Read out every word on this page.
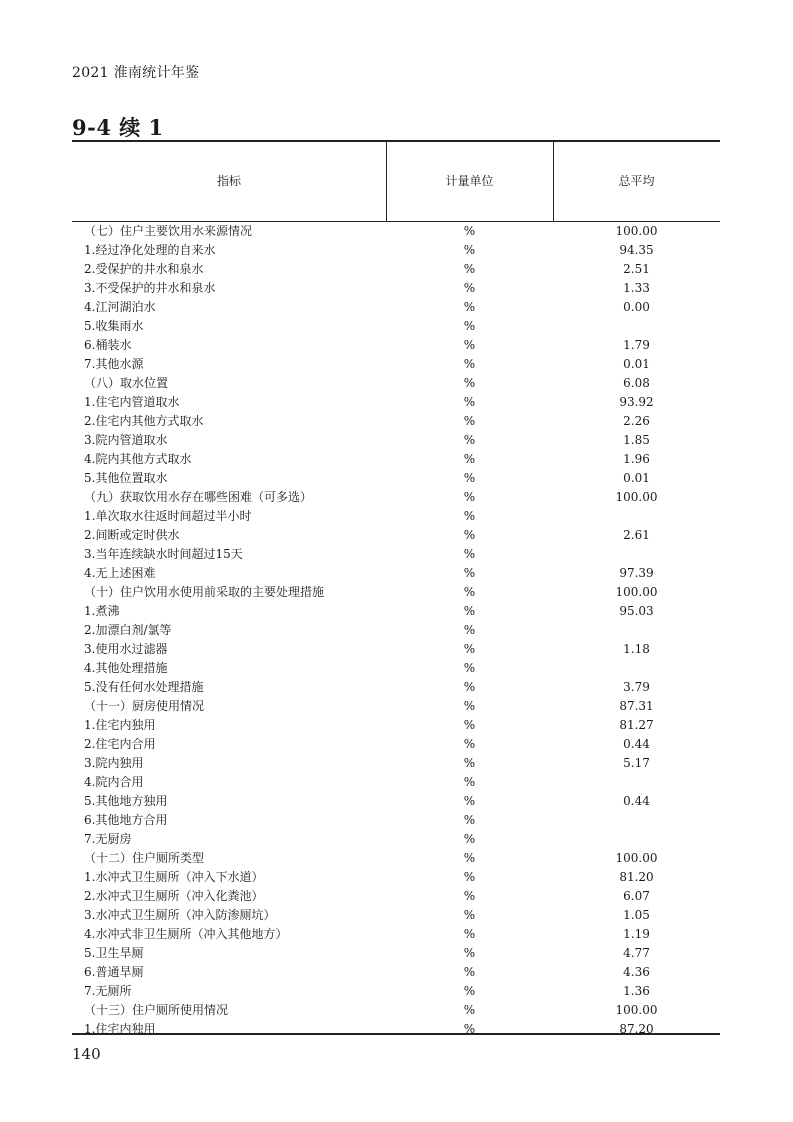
2021 淮南统计年鉴
9-4 续 1
指标	计量单位	总平均
（七）住户主要饮用水来源情况	%	100.00
1.经过净化处理的自来水	%	94.35
2.受保护的井水和泉水	%	2.51
3.不受保护的井水和泉水	%	1.33
4.江河湖泊水	%	0.00
5.收集雨水	%
6.桶装水	%	1.79
7.其他水源	%	0.01
（八）取水位置	%	6.08
1.住宅内管道取水	%	93.92
2.住宅内其他方式取水	%	2.26
3.院内管道取水	%	1.85
4.院内其他方式取水	%	1.96
5.其他位置取水	%	0.01
（九）获取饮用水存在哪些困难（可多选）	%	100.00
1.单次取水往返时间超过半小时	%
2.间断或定时供水	%	2.61
3.当年连续缺水时间超过15天	%
4.无上述困难	%	97.39
（十）住户饮用水使用前采取的主要处理措施	%	100.00
1.煮沸	%	95.03
2.加漂白剂/氯等	%
3.使用水过滤器	%	1.18
4.其他处理措施	%
5.没有任何水处理措施	%	3.79
（十一）厨房使用情况	%	87.31
1.住宅内独用	%	81.27
2.住宅内合用	%	0.44
3.院内独用	%	5.17
4.院内合用	%
5.其他地方独用	%	0.44
6.其他地方合用	%
7.无厨房	%
（十二）住户厕所类型	%	100.00
1.水冲式卫生厕所（冲入下水道）	%	81.20
2.水冲式卫生厕所（冲入化粪池）	%	6.07
3.水冲式卫生厕所（冲入防渗厕坑）	%	1.05
4.水冲式非卫生厕所（冲入其他地方）	%	1.19
5.卫生旱厕	%	4.77
6.普通旱厕	%	4.36
7.无厕所	%	1.36
（十三）住户厕所使用情况	%	100.00
1.住宅内独用	%	87.20
140
